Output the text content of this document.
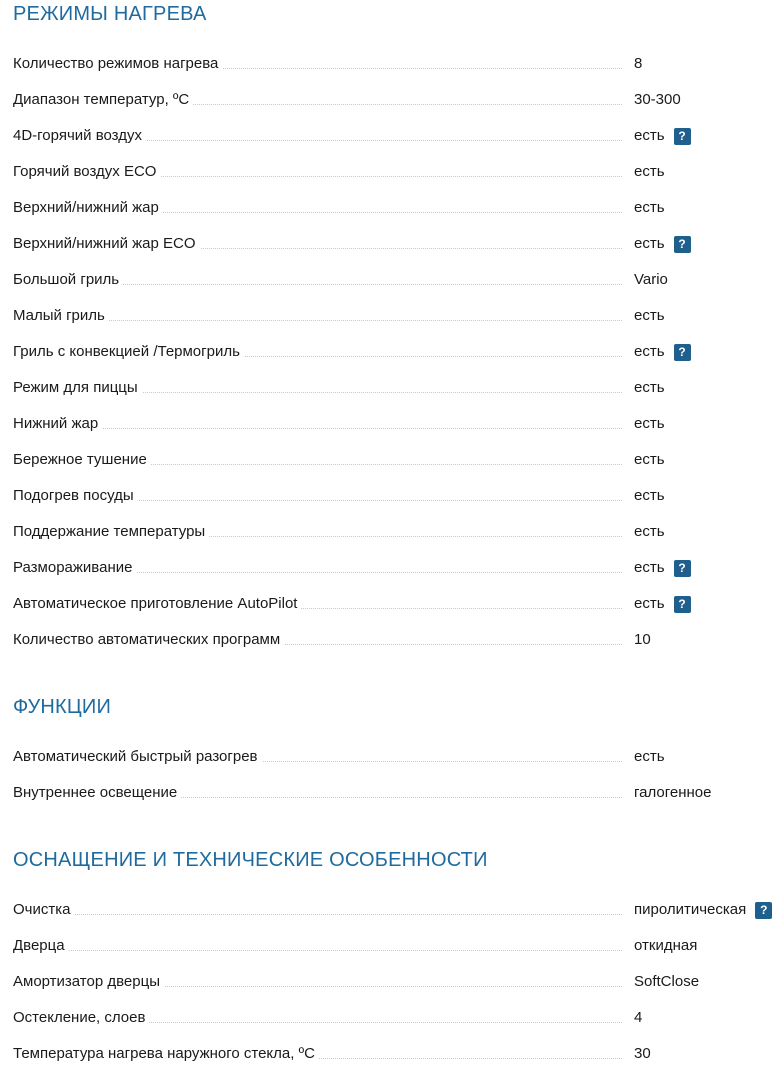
РЕЖИМЫ НАГРЕВА
Количество режимов нагрева	8
Диапазон температур, ºC	30-300
4D-горячий воздух	есть	?
Горячий воздух ECO	есть
Верхний/нижний жар	есть
Верхний/нижний жар ECO	есть	?
Большой гриль	Vario
Малый гриль	есть
Гриль с конвекцией /Термогриль	есть	?
Режим для пиццы	есть
Нижний жар	есть
Бережное тушение	есть
Подогрев посуды	есть
Поддержание температуры	есть
Размораживание	есть	?
Автоматическое приготовление AutoPilot	есть	?
Количество автоматических программ	10
ФУНКЦИИ
Автоматический быстрый разогрев	есть
Внутреннее освещение	галогенное
ОСНАЩЕНИЕ И ТЕХНИЧЕСКИЕ ОСОБЕННОСТИ
Очистка	пиролитическая	?
Дверца	откидная
Амортизатор дверцы	SoftClose
Остекление, слоев	4
Температура нагрева наружного стекла, ºC	30
